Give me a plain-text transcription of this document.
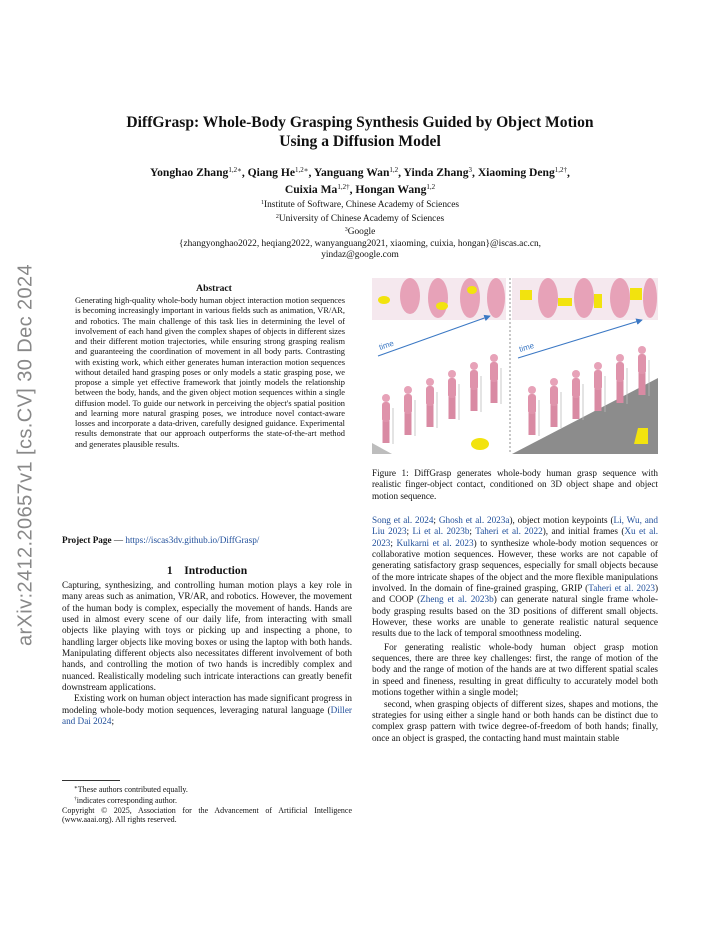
DiffGrasp: Whole-Body Grasping Synthesis Guided by Object Motion
Using a Diffusion Model
Yonghao Zhang$^{1,2∗}$, Qiang $He^{1,2∗}$, Yanguang Wan$^{1,2}$, Yinda Zhang$^3$, Xiaoming Deng$^{1,2\dagger}$,
Cuixia $Ma^{1,2\dagger}$, Hongan Wang$^{1,2}$
$^1$Institute of Software, Chinese Academy of Sciences
$^2$University of Chinese Academy of Sciences
$^3$Google
{zhangyonghao2022, heqiang2022, wanyanguang2021, xiaoming, cuixia, hongan}@iscas.ac.cn,
yindaz@google.com
arXiv:2412.20657v1 [cs.CV] 30 Dec 2024	Abstract
Generating high-quality whole-body human object interaction motion sequences is becoming increasingly important in various fields such as animation, VR/AR, and robotics. The main challenge of this task lies in determining the level of involvement of each hand given the complex shapes of objects in different sizes and their different motion trajectories, while ensuring strong grasping realism and guaranteeing the coordination of movement in all body parts. Contrasting with existing work, which either generates human interaction motion sequences without detailed hand grasping poses or only models a static grasping pose, we propose a simple yet effective framework that jointly models the relationship between the body, hands, and the given object motion sequences within a single diffusion model. To guide our network in perceiving the object's spatial position and learning more natural grasping poses, we introduce novel contact-aware losses and incorporate a data-driven, carefully designed guidance. Experimental results demonstrate that our approach outperforms the state-of-the-art method and generates plausible results.
Project Page — https://iscas3dv.github.io/DiffGrasp/
1    Introduction

Capturing, synthesizing, and controlling human motion plays a key role in many areas such as animation, VR/AR, and robotics. However, the movement of the human body is complex, especially the movement of hands. Hands are used in almost every scene of our daily life, from interacting with small objects like playing with toys or picking up and inspecting a phone, to handling larger objects like moving boxes or using the laptop with both hands. Manipulating different objects also necessitates different involvement of both hands, and controlling the motion of two hands is incredibly complex and nuanced. Realistically modeling such intricate interactions can greatly benefit downstream applications.

Existing work on human object interaction has made significant progress in modeling whole-body motion sequences, leveraging natural language (Diller and Dai 2024;

∗These authors contributed equally.
†indicates corresponding author.
Copyright © 2025, Association for the Advancement of Artificial Intelligence (www.aaai.org). All rights reserved.
time	time
Figure 1: DiffGrasp generates whole-body human grasp sequence with realistic finger-object contact, conditioned on 3D object shape and object motion sequence.

Song et al. 2024; Ghosh et al. 2023a), object motion keypoints (Li, Wu, and Liu 2023; Li et al. 2023b; Taheri et al. 2022), and initial frames (Xu et al. 2023; Kulkarni et al. 2023) to synthesize whole-body motion sequences or collaborative motion sequences. However, these works are not capable of generating satisfactory grasp sequences, especially for small objects because of the more intricate shapes of the object and the more flexible manipulations involved. In the domain of fine-grained grasping, GRIP (Taheri et al. 2023) and COOP (Zheng et al. 2023b) can generate natural single frame whole-body grasping results based on the 3D positions of different small objects. However, these works are unable to generate realistic natural sequence results due to the lack of temporal smoothness modeling.

For generating realistic whole-body human object grasp motion sequences, there are three key challenges: first, the range of motion of the body and the range of motion of the hands are at two different spatial scales in speed and fineness, resulting in great difficulty to accurately model both motions together within a single model;

second, when grasping objects of different sizes, shapes and motions, the strategies for using either a single hand or both hands can be distinct due to complex grasp pattern with twice degree-of-freedom of both hands; finally, once an object is grasped, the contacting hand must maintain stable
